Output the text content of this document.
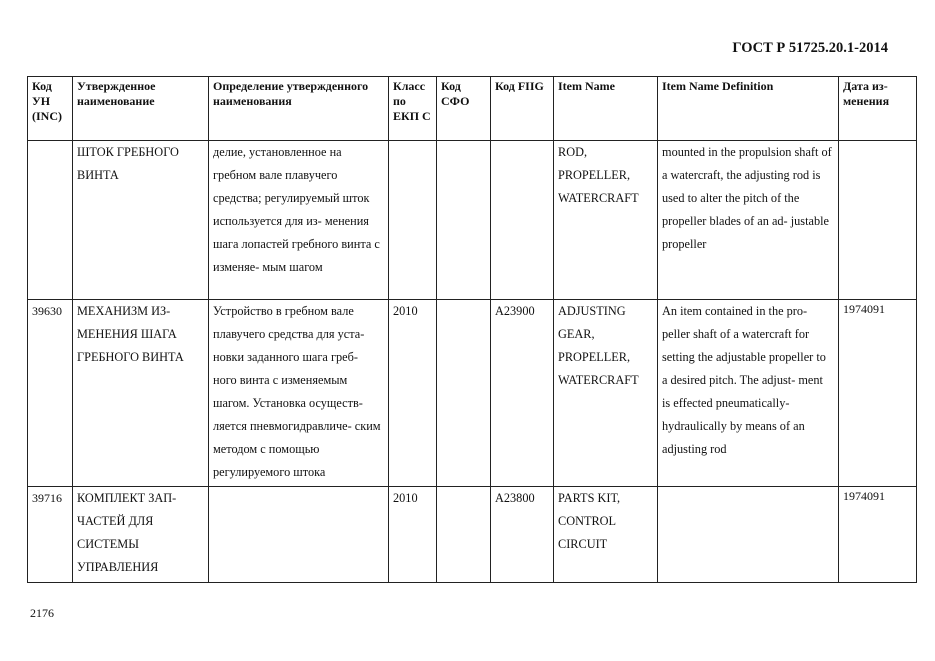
ГОСТ Р 51725.20.1-2014
Код УН (INC)	Утвержденное наименование	Определение утвержденного наименования	Класс по ЕКП С	Код СФО	Код FIIG	Item Name	Item Name Definition	Дата из- менения
	ШТОК ГРЕБНОГО ВИНТА	делие, установленное на гребном вале плавучего средства; регулируемый шток используется для из- менения шага лопастей гребного винта с изменяе- мым шагом				ROD, PROPELLER, WATERCRAFT	mounted in the propulsion shaft of a watercraft, the adjusting rod is used to alter the pitch of the propeller blades of an ad- justable propeller	

39630	МЕХАНИЗМ ИЗ- МЕНЕНИЯ ШАГА ГРЕБНОГО ВИНТА	Устройство в гребном вале плавучего средства для уста- новки заданного шага греб- ного винта с изменяемым шагом. Установка осуществ- ляется пневмогидравличе- ским методом с помощью регулируемого штока	2010		A23900	ADJUSTING GEAR, PROPELLER, WATERCRAFT	An item contained in the pro- peller shaft of a watercraft for setting the adjustable propeller to a desired pitch. The adjust- ment is effected pneumatically- hydraulically by means of an adjusting rod	1974091

39716	КОМПЛЕКТ ЗАП- ЧАСТЕЙ ДЛЯ СИСТЕМЫ УПРАВЛЕНИЯ		2010		A23800	PARTS KIT, CONTROL CIRCUIT		1974091
2176
